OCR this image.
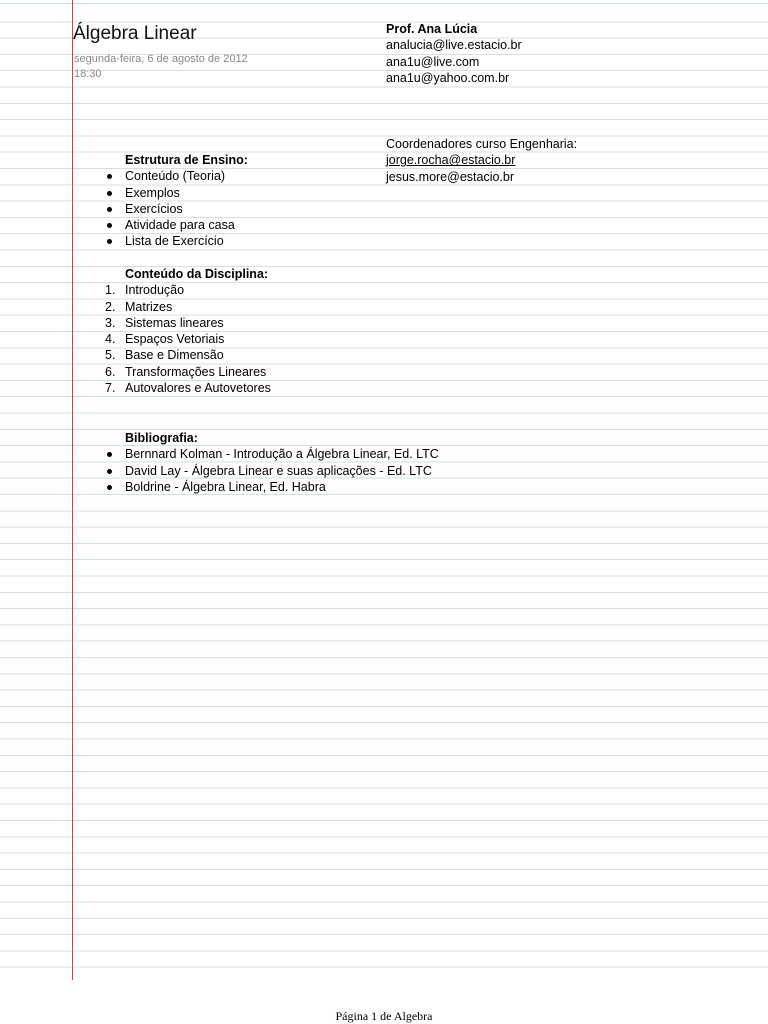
Álgebra Linear
segunda-feira, 6 de agosto de 2012
18:30
Prof. Ana Lúcia
analucia@live.estacio.br
ana1u@live.com
ana1u@yahoo.com.br
Coordenadores curso Engenharia:
jorge.rocha@estacio.br
jesus.more@estacio.br
Estrutura de Ensino:
Conteúdo (Teoria)
Exemplos
Exercícios
Atividade para casa
Lista de Exercício
Conteúdo da Disciplina:
1. Introdução
2. Matrizes
3. Sistemas lineares
4. Espaços Vetoriais
5. Base e Dimensão
6. Transformações Lineares
7. Autovalores e Autovetores
Bibliografia:
Bernnard Kolman - Introdução a Álgebra Linear, Ed. LTC
David Lay - Álgebra Linear e suas aplicações - Ed. LTC
Boldrine - Álgebra Linear, Ed. Habra
Página 1 de Algebra
